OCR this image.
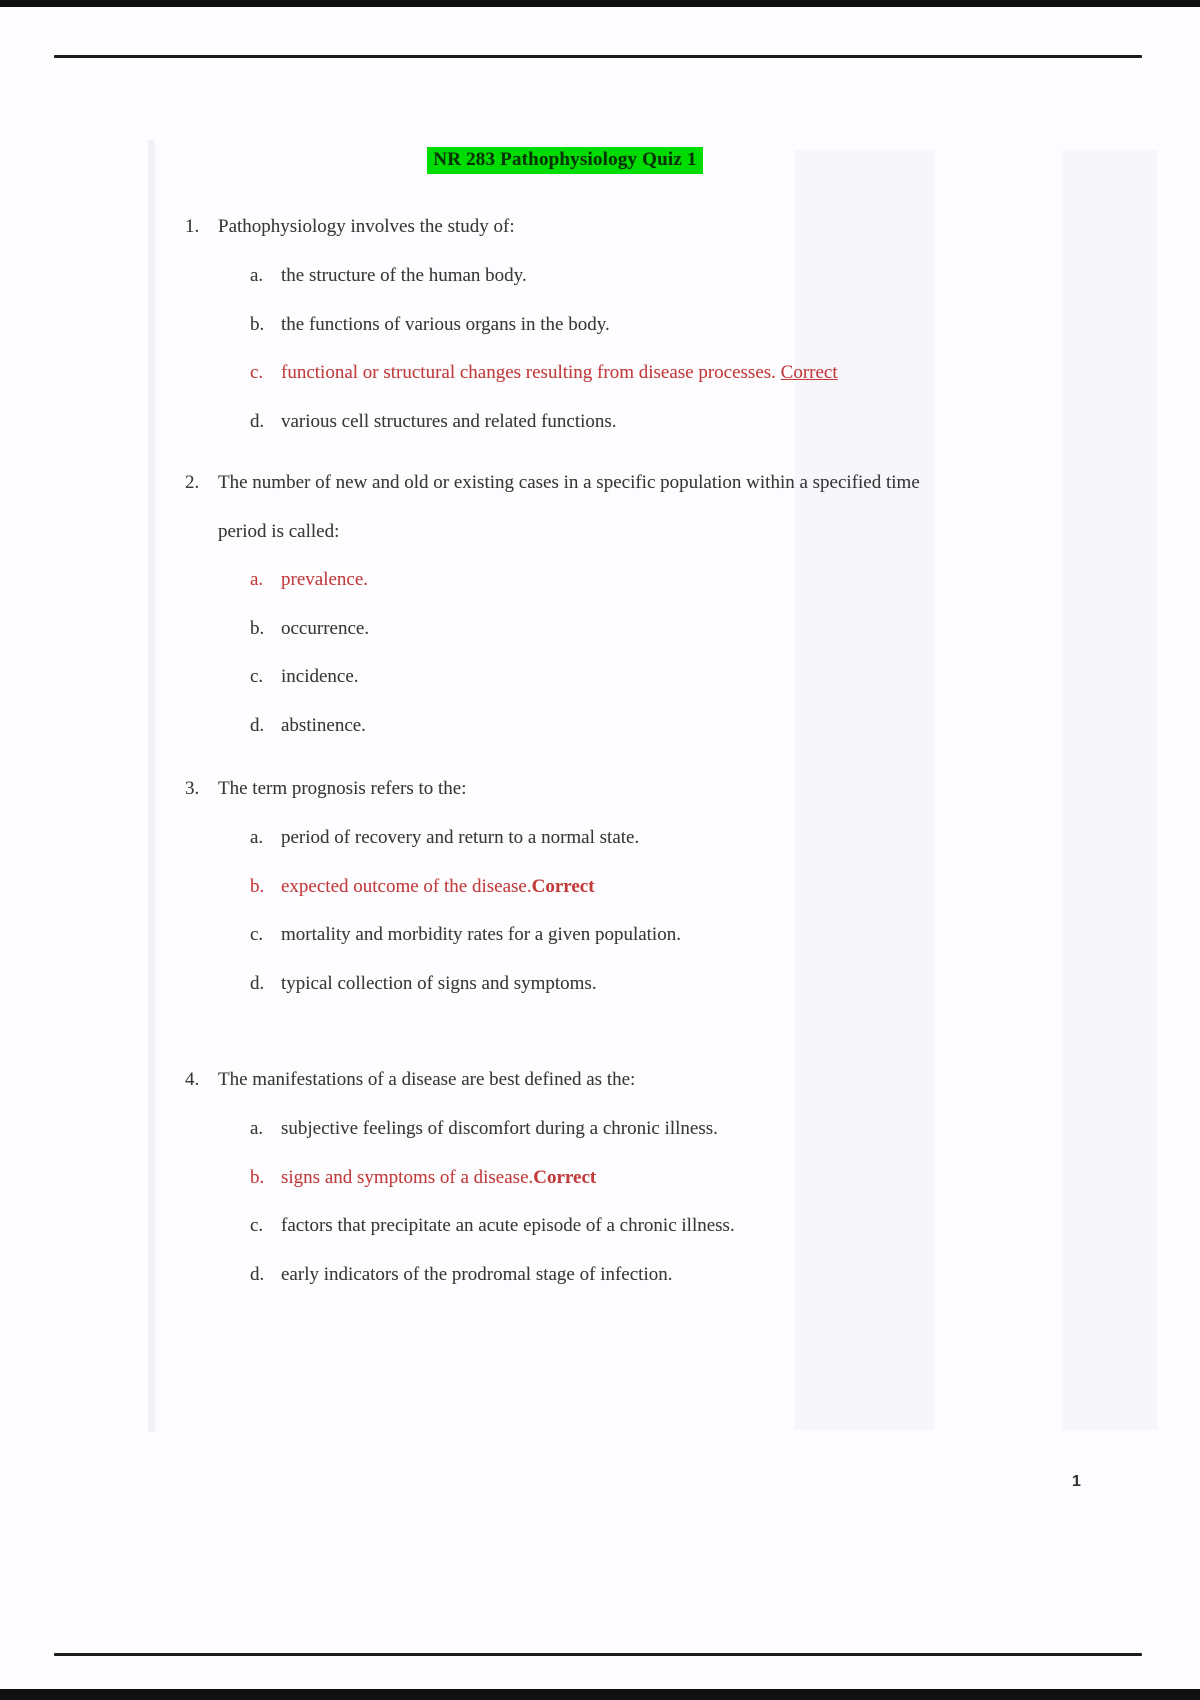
NR 283 Pathophysiology Quiz 1
1. Pathophysiology involves the study of:
a. the structure of the human body.
b. the functions of various organs in the body.
c. functional or structural changes resulting from disease processes. Correct
d. various cell structures and related functions.
2. The number of new and old or existing cases in a specific population within a specified time period is called:
a. prevalence.
b. occurrence.
c. incidence.
d. abstinence.
3. The term prognosis refers to the:
a. period of recovery and return to a normal state.
b. expected outcome of the disease.Correct
c. mortality and morbidity rates for a given population.
d. typical collection of signs and symptoms.
4. The manifestations of a disease are best defined as the:
a. subjective feelings of discomfort during a chronic illness.
b. signs and symptoms of a disease.Correct
c. factors that precipitate an acute episode of a chronic illness.
d. early indicators of the prodromal stage of infection.
1
